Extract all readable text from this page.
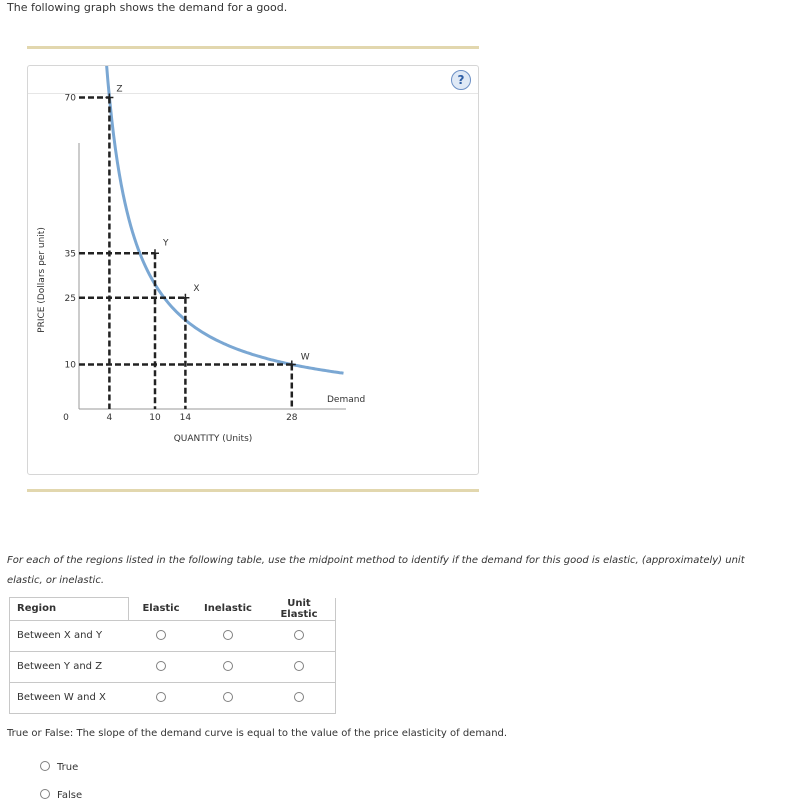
The following graph shows the demand for a good.
?
Z
Y
X
W
70
35
25
10
4	10 14	28
0
PRICE (Dollars per unit)
QUANTITY (Units)
Demand
For each of the regions listed in the following table, use the midpoint method to identify if the demand for this good is elastic, (approximately) unit elastic, or inelastic.
Region	Elastic	Inelastic	Unit Elastic
Between X and Y			
Between Y and Z			
Between W and X			
True or False: The slope of the demand curve is equal to the value of the price elasticity of demand.
True
False
